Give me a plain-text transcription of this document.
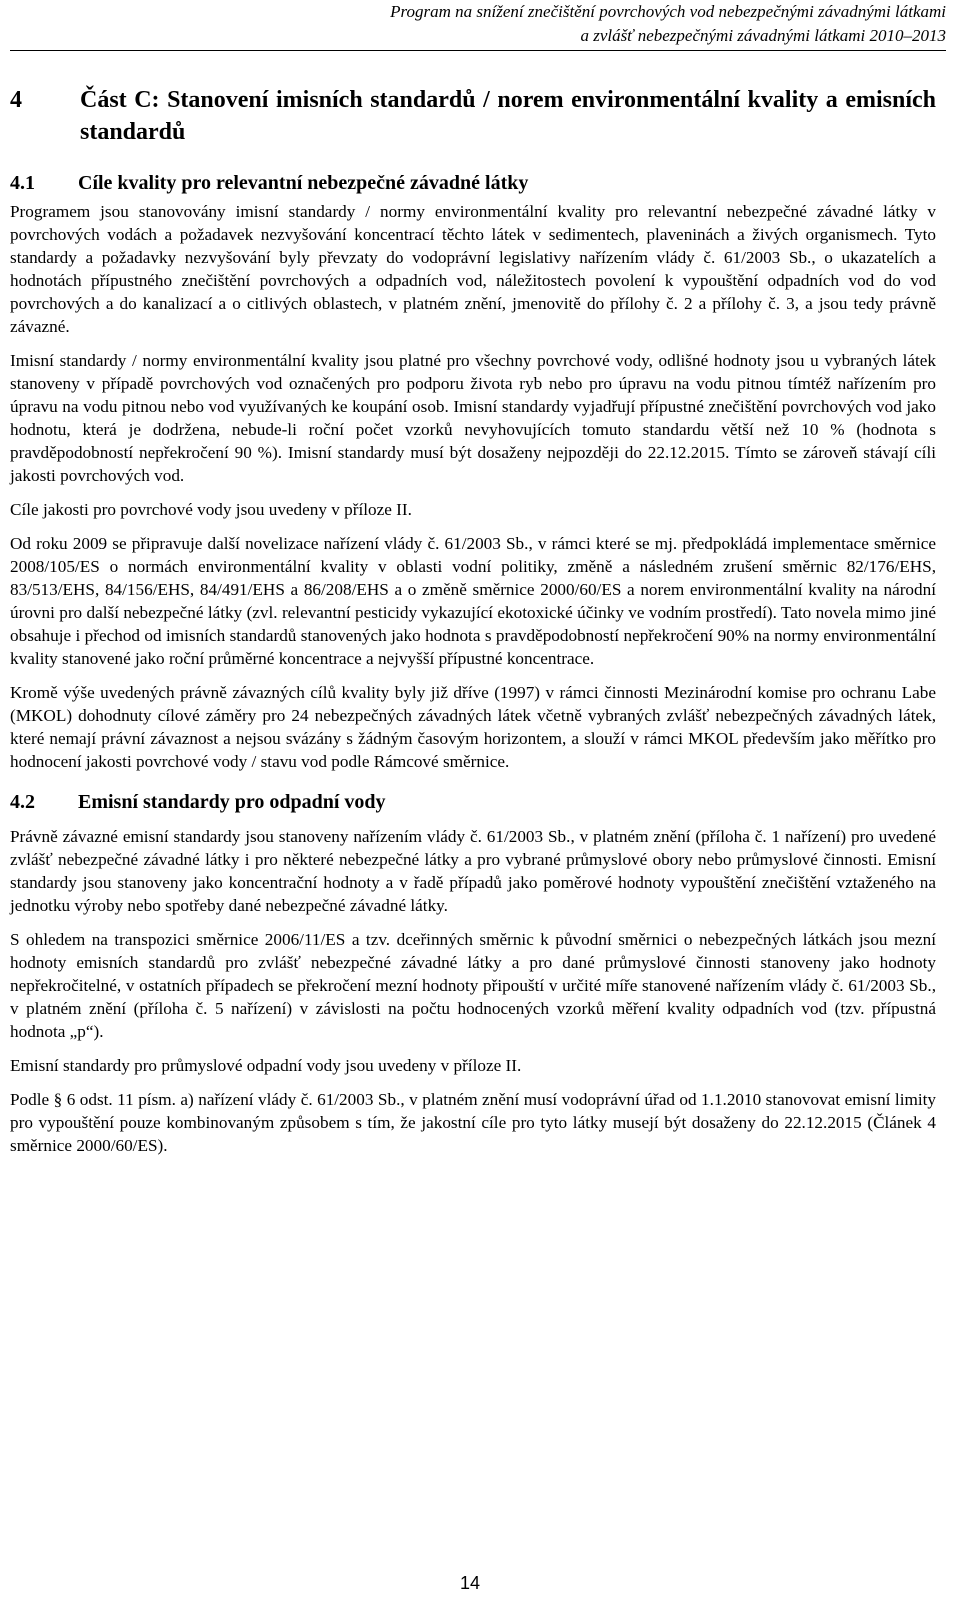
Program na snížení znečištění povrchových vod nebezpečnými závadnými látkami
a zvlášť nebezpečnými závadnými látkami 2010–2013
4	Část C: Stanovení imisních standardů / norem environmentální kvality a emisních standardů
4.1	Cíle kvality pro relevantní nebezpečné závadné látky

Programem jsou stanovovány imisní standardy / normy environmentální kvality pro relevantní nebezpečné závadné látky v povrchových vodách a požadavek nezvyšování koncentrací těchto látek v sedimentech, plaveninách a živých organismech. Tyto standardy a požadavky nezvyšování byly převzaty do vodoprávní legislativy nařízením vlády č. 61/2003 Sb., o ukazatelích a hodnotách přípustného znečištění povrchových a odpadních vod, náležitostech povolení k vypouštění odpadních vod do vod povrchových a do kanalizací a o citlivých oblastech, v platném znění, jmenovitě do přílohy č. 2 a přílohy č. 3, a jsou tedy právně závazné.

Imisní standardy / normy environmentální kvality jsou platné pro všechny povrchové vody, odlišné hodnoty jsou u vybraných látek stanoveny v případě povrchových vod označených pro podporu života ryb nebo pro úpravu na vodu pitnou tímtéž nařízením pro úpravu na vodu pitnou nebo vod využívaných ke koupání osob. Imisní standardy vyjadřují přípustné znečištění povrchových vod jako hodnotu, která je dodržena, nebude-li roční počet vzorků nevyhovujících tomuto standardu větší než 10 % (hodnota s pravděpodobností nepřekročení 90 %). Imisní standardy musí být dosaženy nejpozději do 22.12.2015. Tímto se zároveň stávají cíli jakosti povrchových vod.

Cíle jakosti pro povrchové vody jsou uvedeny v příloze II.

Od roku 2009 se připravuje další novelizace nařízení vlády č. 61/2003 Sb., v rámci které se mj. předpokládá implementace směrnice 2008/105/ES o normách environmentální kvality v oblasti vodní politiky, změně a následném zrušení směrnic 82/176/EHS, 83/513/EHS, 84/156/EHS, 84/491/EHS a 86/208/EHS a o změně směrnice 2000/60/ES a norem environmentální kvality na národní úrovni pro další nebezpečné látky (zvl. relevantní pesticidy vykazující ekotoxické účinky ve vodním prostředí). Tato novela mimo jiné obsahuje i přechod od imisních standardů stanovených jako hodnota s pravděpodobností nepřekročení 90% na normy environmentální kvality stanovené jako roční průměrné koncentrace a nejvyšší přípustné koncentrace.

Kromě výše uvedených právně závazných cílů kvality byly již dříve (1997) v rámci činnosti Mezinárodní komise pro ochranu Labe (MKOL) dohodnuty cílové záměry pro 24 nebezpečných závadných látek včetně vybraných zvlášť nebezpečných závadných látek, které nemají právní závaznost a nejsou svázány s žádným časovým horizontem, a slouží v rámci MKOL především jako měřítko pro hodnocení jakosti povrchové vody / stavu vod podle Rámcové směrnice.

4.2	Emisní standardy pro odpadní vody

Právně závazné emisní standardy jsou stanoveny nařízením vlády č. 61/2003 Sb., v platném znění (příloha č. 1 nařízení) pro uvedené zvlášť nebezpečné závadné látky i pro některé nebezpečné látky a pro vybrané průmyslové obory nebo průmyslové činnosti. Emisní standardy jsou stanoveny jako koncentrační hodnoty a v řadě případů jako poměrové hodnoty vypouštění znečištění vztaženého na jednotku výroby nebo spotřeby dané nebezpečné závadné látky.

S ohledem na transpozici směrnice 2006/11/ES a tzv. dceřinných směrnic k původní směrnici o nebezpečných látkách jsou mezní hodnoty emisních standardů pro zvlášť nebezpečné závadné látky a pro dané průmyslové činnosti stanoveny jako hodnoty nepřekročitelné, v ostatních případech se překročení mezní hodnoty připouští v určité míře stanovené nařízením vlády č. 61/2003 Sb., v platném znění (příloha č. 5 nařízení) v závislosti na počtu hodnocených vzorků měření kvality odpadních vod (tzv. přípustná hodnota „p“).

Emisní standardy pro průmyslové odpadní vody jsou uvedeny v příloze II.

Podle § 6 odst. 11 písm. a) nařízení vlády č. 61/2003 Sb., v platném znění musí vodoprávní úřad od 1.1.2010 stanovovat emisní limity pro vypouštění pouze kombinovaným způsobem s tím, že jakostní cíle pro tyto látky musejí být dosaženy do 22.12.2015 (Článek 4 směrnice 2000/60/ES).

14
